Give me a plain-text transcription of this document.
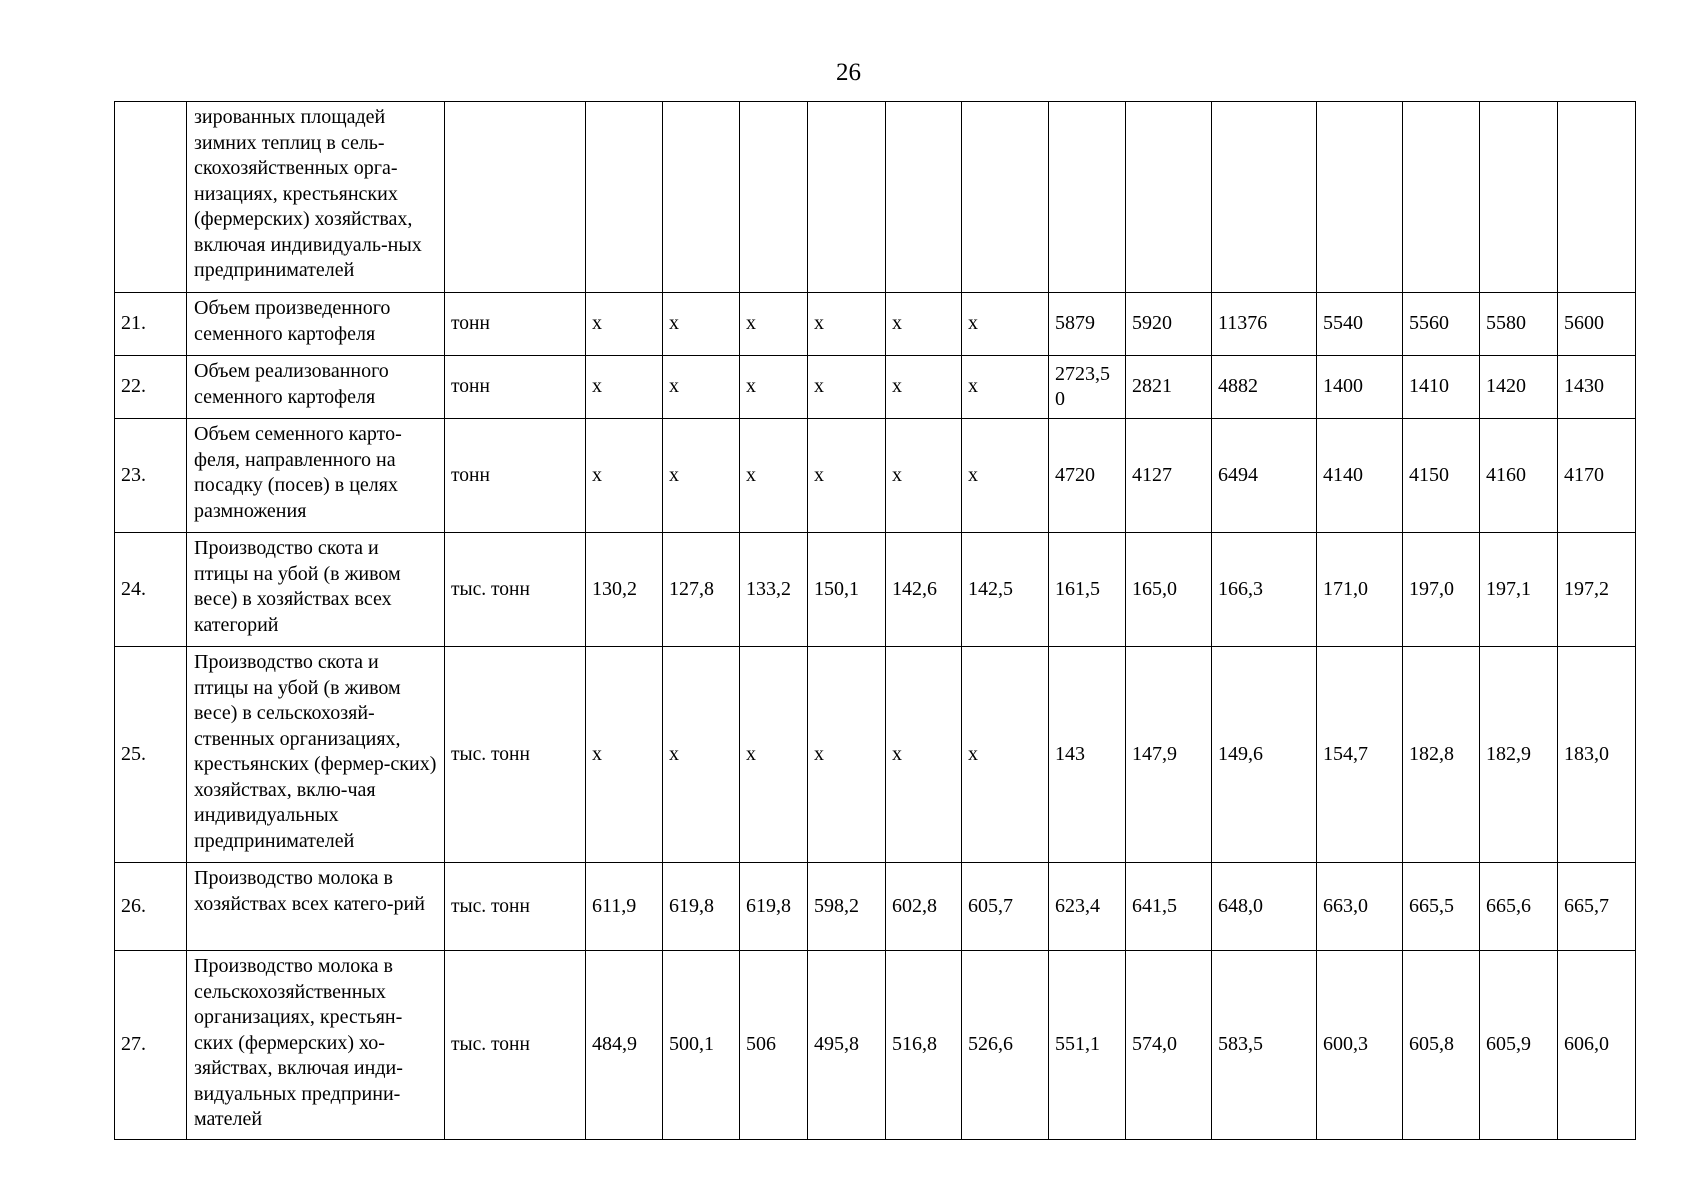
26
	зированных площадей зимних теплиц в сель-скохозяйственных орга-низациях, крестьянских (фермерских) хозяйствах, включая индивидуаль-ных предпринимателей														
21.	Объем произведенного семенного картофеля	тонн	х	х	х	х	х	х	5879	5920	11376	5540	5560	5580	5600
22.	Объем реализованного семенного картофеля	тонн	х	х	х	х	х	х	2723,5 0	2821	4882	1400	1410	1420	1430
23.	Объем семенного карто-феля, направленного на посадку (посев) в целях размножения	тонн	х	х	х	х	х	х	4720	4127	6494	4140	4150	4160	4170
24.	Производство скота и птицы на убой (в живом весе) в хозяйствах всех категорий	тыс. тонн	130,2	127,8	133,2	150,1	142,6	142,5	161,5	165,0	166,3	171,0	197,0	197,1	197,2
25.	Производство скота и птицы на убой (в живом весе) в сельскохозяй-ственных организациях, крестьянских (фермер-ских) хозяйствах, вклю-чая индивидуальных предпринимателей	тыс. тонн	х	х	х	х	х	х	143	147,9	149,6	154,7	182,8	182,9	183,0
26.	Производство молока в хозяйствах всех катего-рий	тыс. тонн	611,9	619,8	619,8	598,2	602,8	605,7	623,4	641,5	648,0	663,0	665,5	665,6	665,7
27.	Производство молока в сельскохозяйственных организациях, крестьян-ских (фермерских) хо-зяйствах, включая инди-видуальных предприни-мателей	тыс. тонн	484,9	500,1	506	495,8	516,8	526,6	551,1	574,0	583,5	600,3	605,8	605,9	606,0
